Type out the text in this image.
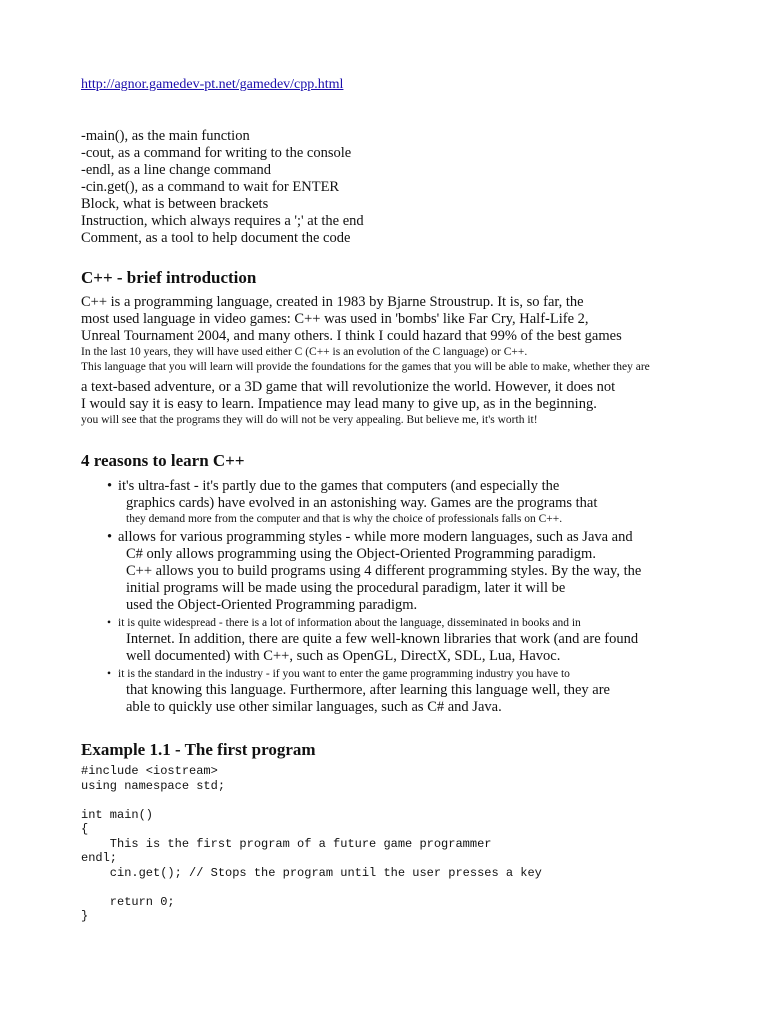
http://agnor.gamedev-pt.net/gamedev/cpp.html
-main(), as the main function
-cout, as a command for writing to the console
-endl, as a line change command
-cin.get(), as a command to wait for ENTER
Block, what is between brackets
Instruction, which always requires a ';' at the end
Comment, as a tool to help document the code
C++ - brief introduction

C++ is a programming language, created in 1983 by Bjarne Stroustrup. It is, so far, the
most used language in video games: C++ was used in 'bombs' like Far Cry, Half-Life 2,
Unreal Tournament 2004, and many others. I think I could hazard that 99% of the best games
In the last 10 years, they will have used either C (C++ is an evolution of the C language) or C++.
This language that you will learn will provide the foundations for the games that you will be able to make, whether they are
a text-based adventure, or a 3D game that will revolutionize the world. However, it does not
I would say it is easy to learn. Impatience may lead many to give up, as in the beginning.
you will see that the programs they will do will not be very appealing. But believe me, it's worth it!

4 reasons to learn C++
• it's ultra-fast - it's partly due to the games that computers (and especially the
graphics cards) have evolved in an astonishing way. Games are the programs that
they demand more from the computer and that is why the choice of professionals falls on C++.
• allows for various programming styles - while more modern languages, such as Java and
C# only allows programming using the Object-Oriented Programming paradigm.
C++ allows you to build programs using 4 different programming styles. By the way, the
initial programs will be made using the procedural paradigm, later it will be
used the Object-Oriented Programming paradigm.
• it is quite widespread - there is a lot of information about the language, disseminated in books and in
Internet. In addition, there are quite a few well-known libraries that work (and are found
well documented) with C++, such as OpenGL, DirectX, SDL, Lua, Havoc.
• it is the standard in the industry - if you want to enter the game programming industry you have to
that knowing this language. Furthermore, after learning this language well, they are
able to quickly use other similar languages, such as C# and Java.
Example 1.1 - The first program
#include <iostream>
using namespace std;

int main()
{
This is the first program of a future game programmer
endl;
cin.get(); // Stops the program until the user presses a key

return 0;
}
